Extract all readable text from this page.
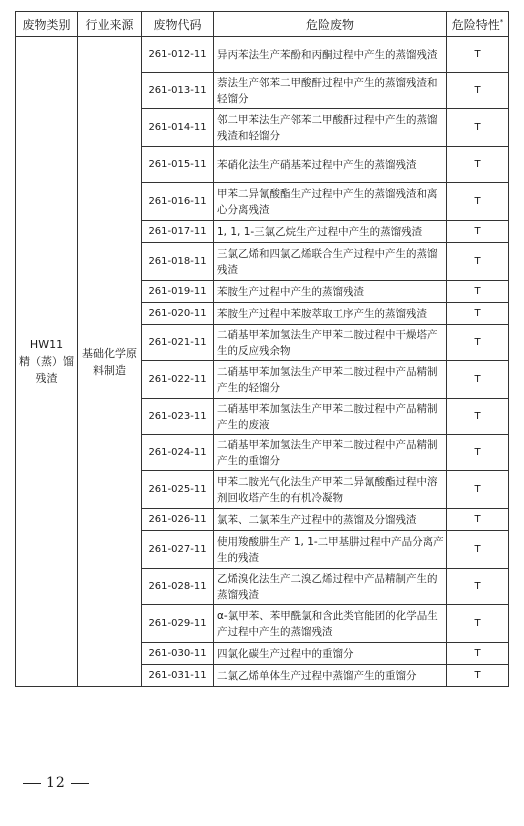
废物类别	行业来源	废物代码	危险废物	危险特性*

HW11
精（蒸）馏残渣	基础化学原料制造	261-012-11	异丙苯法生产苯酚和丙酮过程中产生的蒸馏残渣	T
		261-013-11	萘法生产邻苯二甲酸酐过程中产生的蒸馏残渣和轻馏分	T
		261-014-11	邻二甲苯法生产邻苯二甲酸酐过程中产生的蒸馏残渣和轻馏分	T
		261-015-11	苯硝化法生产硝基苯过程中产生的蒸馏残渣	T
		261-016-11	甲苯二异氰酸酯生产过程中产生的蒸馏残渣和离心分离残渣	T
		261-017-11	1, 1, 1-三氯乙烷生产过程中产生的蒸馏残渣	T
		261-018-11	三氯乙烯和四氯乙烯联合生产过程中产生的蒸馏残渣	T
		261-019-11	苯胺生产过程中产生的蒸馏残渣	T
		261-020-11	苯胺生产过程中苯胺萃取工序产生的蒸馏残渣	T
		261-021-11	二硝基甲苯加氢法生产甲苯二胺过程中干燥塔产生的反应残余物	T
		261-022-11	二硝基甲苯加氢法生产甲苯二胺过程中产品精制产生的轻馏分	T
		261-023-11	二硝基甲苯加氢法生产甲苯二胺过程中产品精制产生的废液	T
		261-024-11	二硝基甲苯加氢法生产甲苯二胺过程中产品精制产生的重馏分	T
		261-025-11	甲苯二胺光气化法生产甲苯二异氰酸酯过程中溶剂回收塔产生的有机冷凝物	T
		261-026-11	氯苯、二氯苯生产过程中的蒸馏及分馏残渣	T
		261-027-11	使用羧酸肼生产 1, 1-二甲基肼过程中产品分离产生的残渣	T
		261-028-11	乙烯溴化法生产二溴乙烯过程中产品精制产生的蒸馏残渣	T
		261-029-11	α-氯甲苯、苯甲酰氯和含此类官能团的化学品生产过程中产生的蒸馏残渣	T
		261-030-11	四氯化碳生产过程中的重馏分	T
		261-031-11	二氯乙烯单体生产过程中蒸馏产生的重馏分	T
12
